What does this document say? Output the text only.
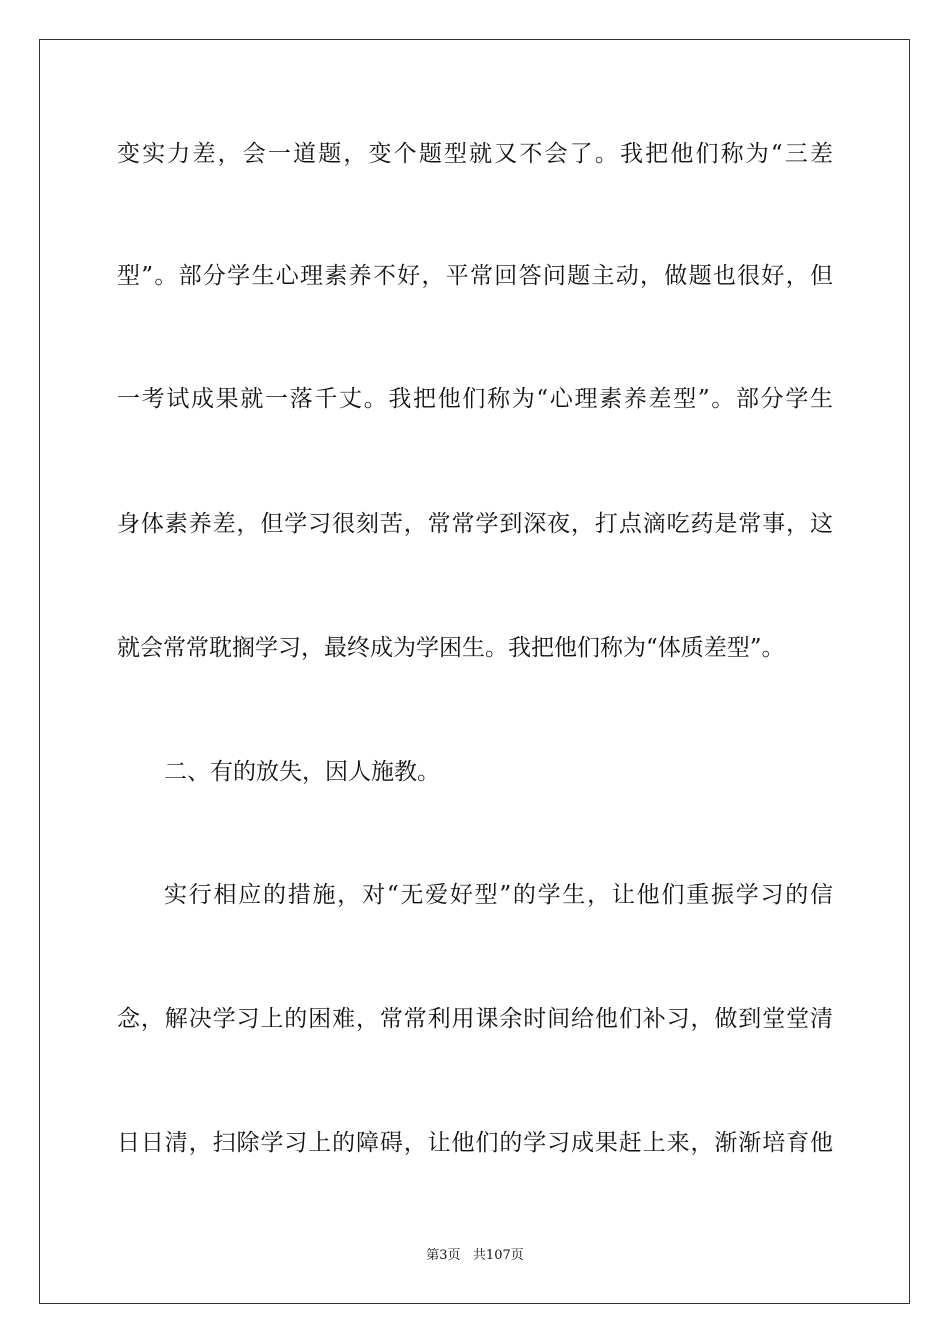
变实力差，会一道题，变个题型就又不会了。我把他们称为“三差
型”。部分学生心理素养不好，平常回答问题主动，做题也很好，但
一考试成果就一落千丈。我把他们称为“心理素养差型”。部分学生
身体素养差，但学习很刻苦，常常学到深夜，打点滴吃药是常事，这
就会常常耽搁学习，最终成为学困生。我把他们称为“体质差型”。
二、有的放失，因人施教。
实行相应的措施，对“无爱好型”的学生，让他们重振学习的信
念，解决学习上的困难，常常利用课余时间给他们补习，做到堂堂清
日日清，扫除学习上的障碍，让他们的学习成果赶上来，渐渐培育他
第3页 共107页
